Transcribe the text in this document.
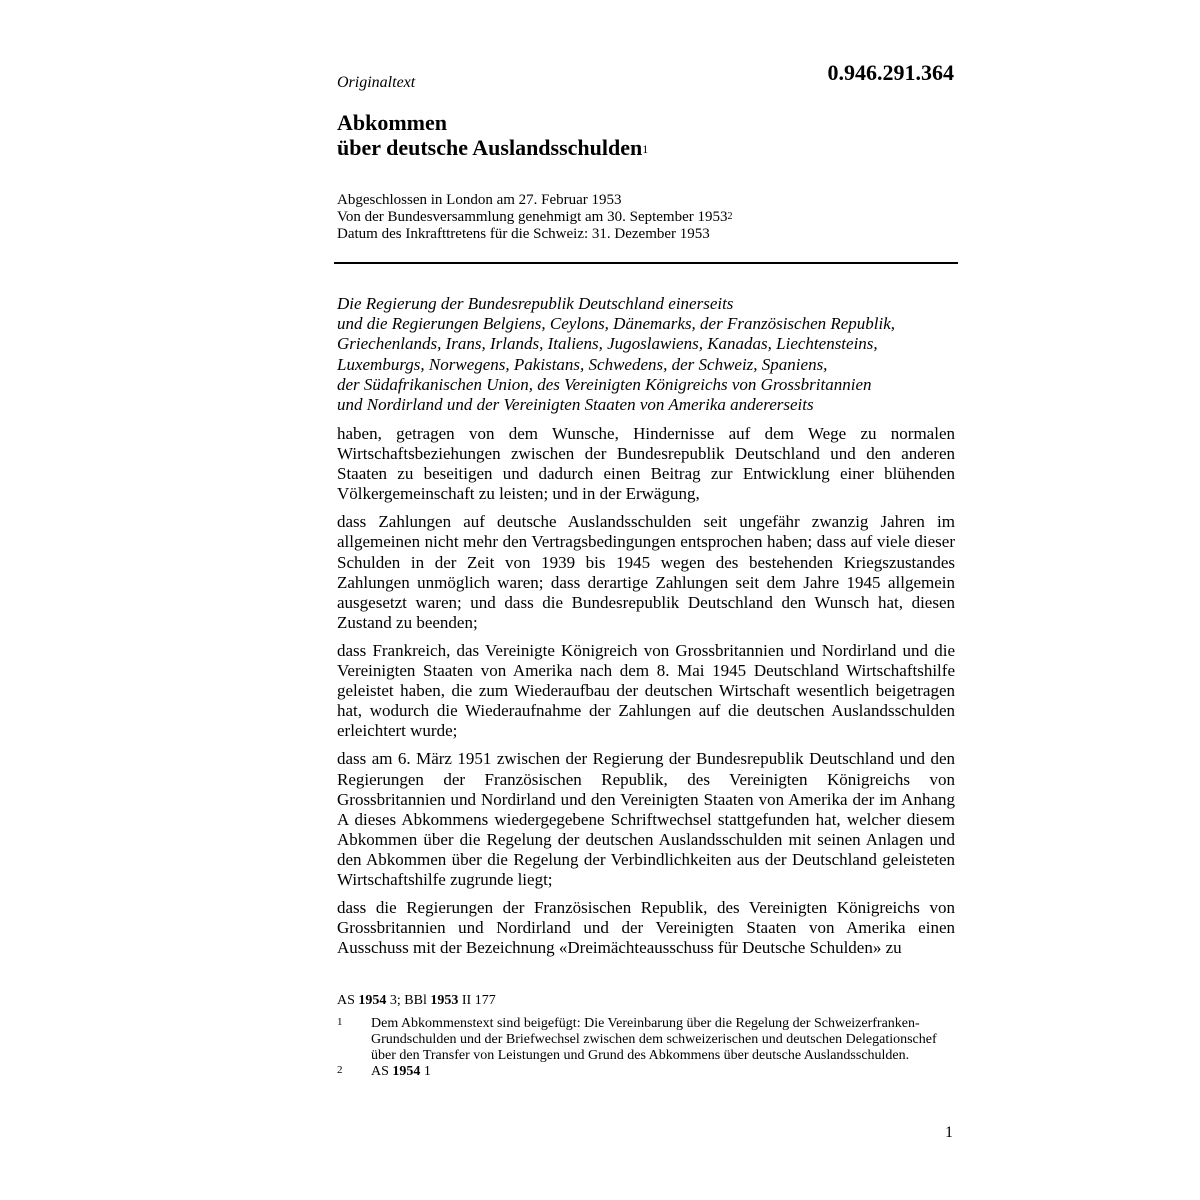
Originaltext	0.946.291.364
Abkommen
über deutsche Auslandsschulden$^1$
Abgeschlossen in London am 27. Februar 1953
Von der Bundesversammlung genehmigt am 30. September 1953$^2$
Datum des Inkrafttretens für die Schweiz: 31. Dezember 1953
Die Regierung der Bundesrepublik Deutschland einerseits
und die Regierungen Belgiens, Ceylons, Dänemarks, der Französischen Republik,
Griechenlands, Irans, Irlands, Italiens, Jugoslawiens, Kanadas, Liechtensteins,
Luxemburgs, Norwegens, Pakistans, Schwedens, der Schweiz, Spaniens,
der Südafrikanischen Union, des Vereinigten Königreichs von Grossbritannien
und Nordirland und der Vereinigten Staaten von Amerika andererseits

haben, getragen von dem Wunsche, Hindernisse auf dem Wege zu normalen Wirtschaftsbeziehungen zwischen der Bundesrepublik Deutschland und den anderen Staaten zu beseitigen und dadurch einen Beitrag zur Entwicklung einer blühenden Völkergemeinschaft zu leisten; und in der Erwägung,

dass Zahlungen auf deutsche Auslandsschulden seit ungefähr zwanzig Jahren im allgemeinen nicht mehr den Vertragsbedingungen entsprochen haben; dass auf viele dieser Schulden in der Zeit von 1939 bis 1945 wegen des bestehenden Kriegszustandes Zahlungen unmöglich waren; dass derartige Zahlungen seit dem Jahre 1945 allgemein ausgesetzt waren; und dass die Bundesrepublik Deutschland den Wunsch hat, diesen Zustand zu beenden;

dass Frankreich, das Vereinigte Königreich von Grossbritannien und Nordirland und die Vereinigten Staaten von Amerika nach dem 8. Mai 1945 Deutschland Wirtschaftshilfe geleistet haben, die zum Wiederaufbau der deutschen Wirtschaft wesentlich beigetragen hat, wodurch die Wiederaufnahme der Zahlungen auf die deutschen Auslandsschulden erleichtert wurde;

dass am 6. März 1951 zwischen der Regierung der Bundesrepublik Deutschland und den Regierungen der Französischen Republik, des Vereinigten Königreichs von Grossbritannien und Nordirland und den Vereinigten Staaten von Amerika der im Anhang A dieses Abkommens wiedergegebene Schriftwechsel stattgefunden hat, welcher diesem Abkommen über die Regelung der deutschen Auslandsschulden mit seinen Anlagen und den Abkommen über die Regelung der Verbindlichkeiten aus der Deutschland geleisteten Wirtschaftshilfe zugrunde liegt;

dass die Regierungen der Französischen Republik, des Vereinigten Königreichs von Grossbritannien und Nordirland und der Vereinigten Staaten von Amerika einen Ausschuss mit der Bezeichnung «Dreimächteausschuss für Deutsche Schulden» zu

AS 1954 3; BBl 1953 II 177
1	Dem Abkommenstext sind beigefügt: Die Vereinbarung über die Regelung der Schweizerfranken-Grundschulden und der Briefwechsel zwischen dem schweizerischen und deutschen Delegationschef über den Transfer von Leistungen und Grund des Abkommens über deutsche Auslandsschulden.
2	AS 1954 1
1
